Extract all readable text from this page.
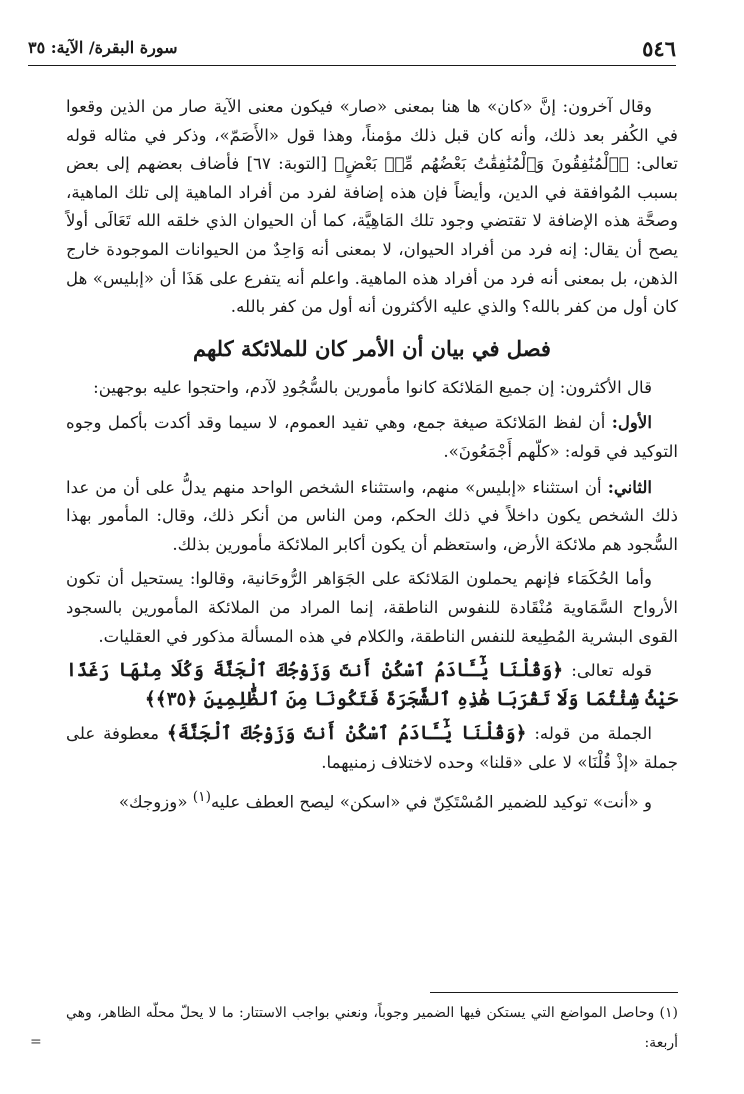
٥٤٦
سورة البقرة/ الآية: ٣٥

وقال آخرون: إنَّ «كان» ها هنا بمعنى «صار» فيكون معنى الآية صار من الذين وقعوا في الكُفر بعد ذلك، وأنه كان قبل ذلك مؤمناً، وهذا قول «الأَصَمّ»، وذكر في مثاله قوله تعالى: ﴿ٱلْمُنَٰفِقُونَ وَٱلْمُنَٰفِقَٰتُ بَعْضُهُم مِّنۢ بَعْضٍ﴾ [التوبة: ٦٧] فأضاف بعضهم إلى بعض بسبب المُوافقة في الدين، وأيضاً فإن هذه إضافة لفرد من أفراد الماهية إلى تلك الماهية، وصحَّة هذه الإضافة لا تقتضي وجود تلك المَاهِيَّة، كما أن الحيوان الذي خلقه الله تَعَالَى أولاً يصح أن يقال: إنه فرد من أفراد الحيوان، لا بمعنى أنه وَاحِدٌ من الحيوانات الموجودة خارج الذهن، بل بمعنى أنه فرد من أفراد هذه الماهية. واعلم أنه يتفرع على هَذَا أن «إبليس» هل كان أول من كفر بالله؟ والذي عليه الأكثرون أنه أول من كفر بالله.

فصل في بيان أن الأمر كان للملائكة كلهم

قال الأكثرون: إن جميع المَلائكة كانوا مأمورين بالسُّجُودِ لآدم، واحتجوا عليه بوجهين:

الأول: أن لفظ المَلائكة صيغة جمع، وهي تفيد العموم، لا سيما وقد أكدت بأكمل وجوه التوكيد في قوله: «كلّهم أَجْمَعُونَ».

الثاني: أن استثناء «إبليس» منهم، واستثناء الشخص الواحد منهم يدلُّ على أن من عدا ذلك الشخص يكون داخلاً في ذلك الحكم، ومن الناس من أنكر ذلك، وقال: المأمور بهذا السُّجود هم ملائكة الأرض، واستعظم أن يكون أكابر الملائكة مأمورين بذلك.

وأما الحُكَمَاء فإنهم يحملون المَلائكة على الجَوَاهر الرُّوحَانية، وقالوا: يستحيل أن تكون الأرواح السَّمَاوية مُنْقَادة للنفوس الناطقة، إنما المراد من الملائكة المأمورين بالسجود القوى البشرية المُطِيعة للنفس الناطقة، والكلام في هذه المسألة مذكور في العقليات.

قوله تعالى: ﴿وَقُلْنَا يَٰٓـَٔادَمُ ٱسْكُنْ أَنتَ وَزَوْجُكَ ٱلْجَنَّةَ وَكُلَا مِنْهَا رَغَدًا حَيْثُ شِئْتُمَا وَلَا تَقْرَبَا هَٰذِهِ ٱلشَّجَرَةَ فَتَكُونَا مِنَ ٱلظَّٰلِمِينَ ﴿٣٥﴾﴾

الجملة من قوله: ﴿وَقُلْنَا يَٰٓـَٔادَمُ ٱسْكُنْ أَنتَ وَزَوْجُكَ ٱلْجَنَّةَ﴾ معطوفة على جملة «إذْ قُلْنَا» لا على «قلنا» وحده لاختلاف زمنيهما.

و «أنت» توكيد للضمير المُسْتَكِنّ في «اسكن» ليصح العطف عليه$^{(١)}$ «وزوجك»

(١) وحاصل المواضع التي يستكن فيها الضمير وجوباً، ونعني بواجب الاستتار: ما لا يحلّ محلّه الظاهر، وهي أربعة:
=
